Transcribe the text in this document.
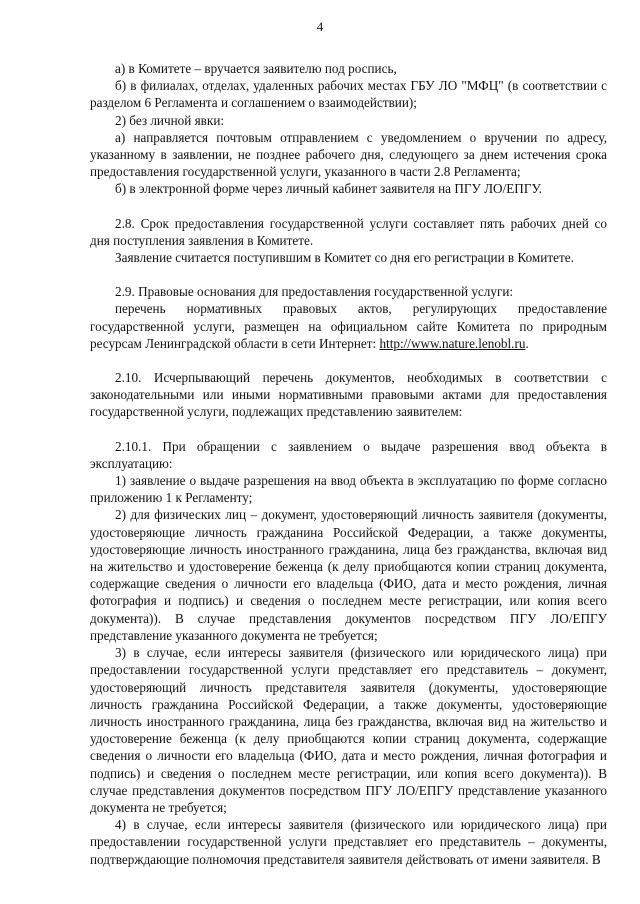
4

а) в Комитете – вручается заявителю под роспись,

б) в филиалах, отделах, удаленных рабочих местах ГБУ ЛО "МФЦ" (в соответствии с разделом 6 Регламента и соглашением о взаимодействии);

2) без личной явки:

а) направляется почтовым отправлением с уведомлением о вручении по адресу, указанному в заявлении, не позднее рабочего дня, следующего за днем истечения срока предоставления государственной услуги, указанного в части 2.8 Регламента;

б) в электронной форме через личный кабинет заявителя на ПГУ ЛО/ЕПГУ.

2.8. Срок предоставления государственной услуги составляет пять рабочих дней со дня поступления заявления в Комитете.

Заявление считается поступившим в Комитет со дня его регистрации в Комитете.

2.9. Правовые основания для предоставления государственной услуги:

перечень нормативных правовых актов, регулирующих предоставление государственной услуги, размещен на официальном сайте Комитета по природным ресурсам Ленинградской области в сети Интернет: http://www.nature.lenobl.ru.

2.10. Исчерпывающий перечень документов, необходимых в соответствии с законодательными или иными нормативными правовыми актами для предоставления государственной услуги, подлежащих представлению заявителем:

2.10.1. При обращении с заявлением о выдаче разрешения ввод объекта в эксплуатацию:

1) заявление о выдаче разрешения на ввод объекта в эксплуатацию по форме согласно приложению 1 к Регламенту;

2) для физических лиц – документ, удостоверяющий личность заявителя (документы, удостоверяющие личность гражданина Российской Федерации, а также документы, удостоверяющие личность иностранного гражданина, лица без гражданства, включая вид на жительство и удостоверение беженца (к делу приобщаются копии страниц документа, содержащие сведения о личности его владельца (ФИО, дата и место рождения, личная фотография и подпись) и сведения о последнем месте регистрации, или копия всего документа)). В случае представления документов посредством ПГУ ЛО/ЕПГУ представление указанного документа не требуется;

3) в случае, если интересы заявителя (физического или юридического лица) при предоставлении государственной услуги представляет его представитель – документ, удостоверяющий личность представителя заявителя (документы, удостоверяющие личность гражданина Российской Федерации, а также документы, удостоверяющие личность иностранного гражданина, лица без гражданства, включая вид на жительство и удостоверение беженца (к делу приобщаются копии страниц документа, содержащие сведения о личности его владельца (ФИО, дата и место рождения, личная фотография и подпись) и сведения о последнем месте регистрации, или копия всего документа)). В случае представления документов посредством ПГУ ЛО/ЕПГУ представление указанного документа не требуется;

4) в случае, если интересы заявителя (физического или юридического лица) при предоставлении государственной услуги представляет его представитель – документы, подтверждающие полномочия представителя заявителя действовать от имени заявителя. В
